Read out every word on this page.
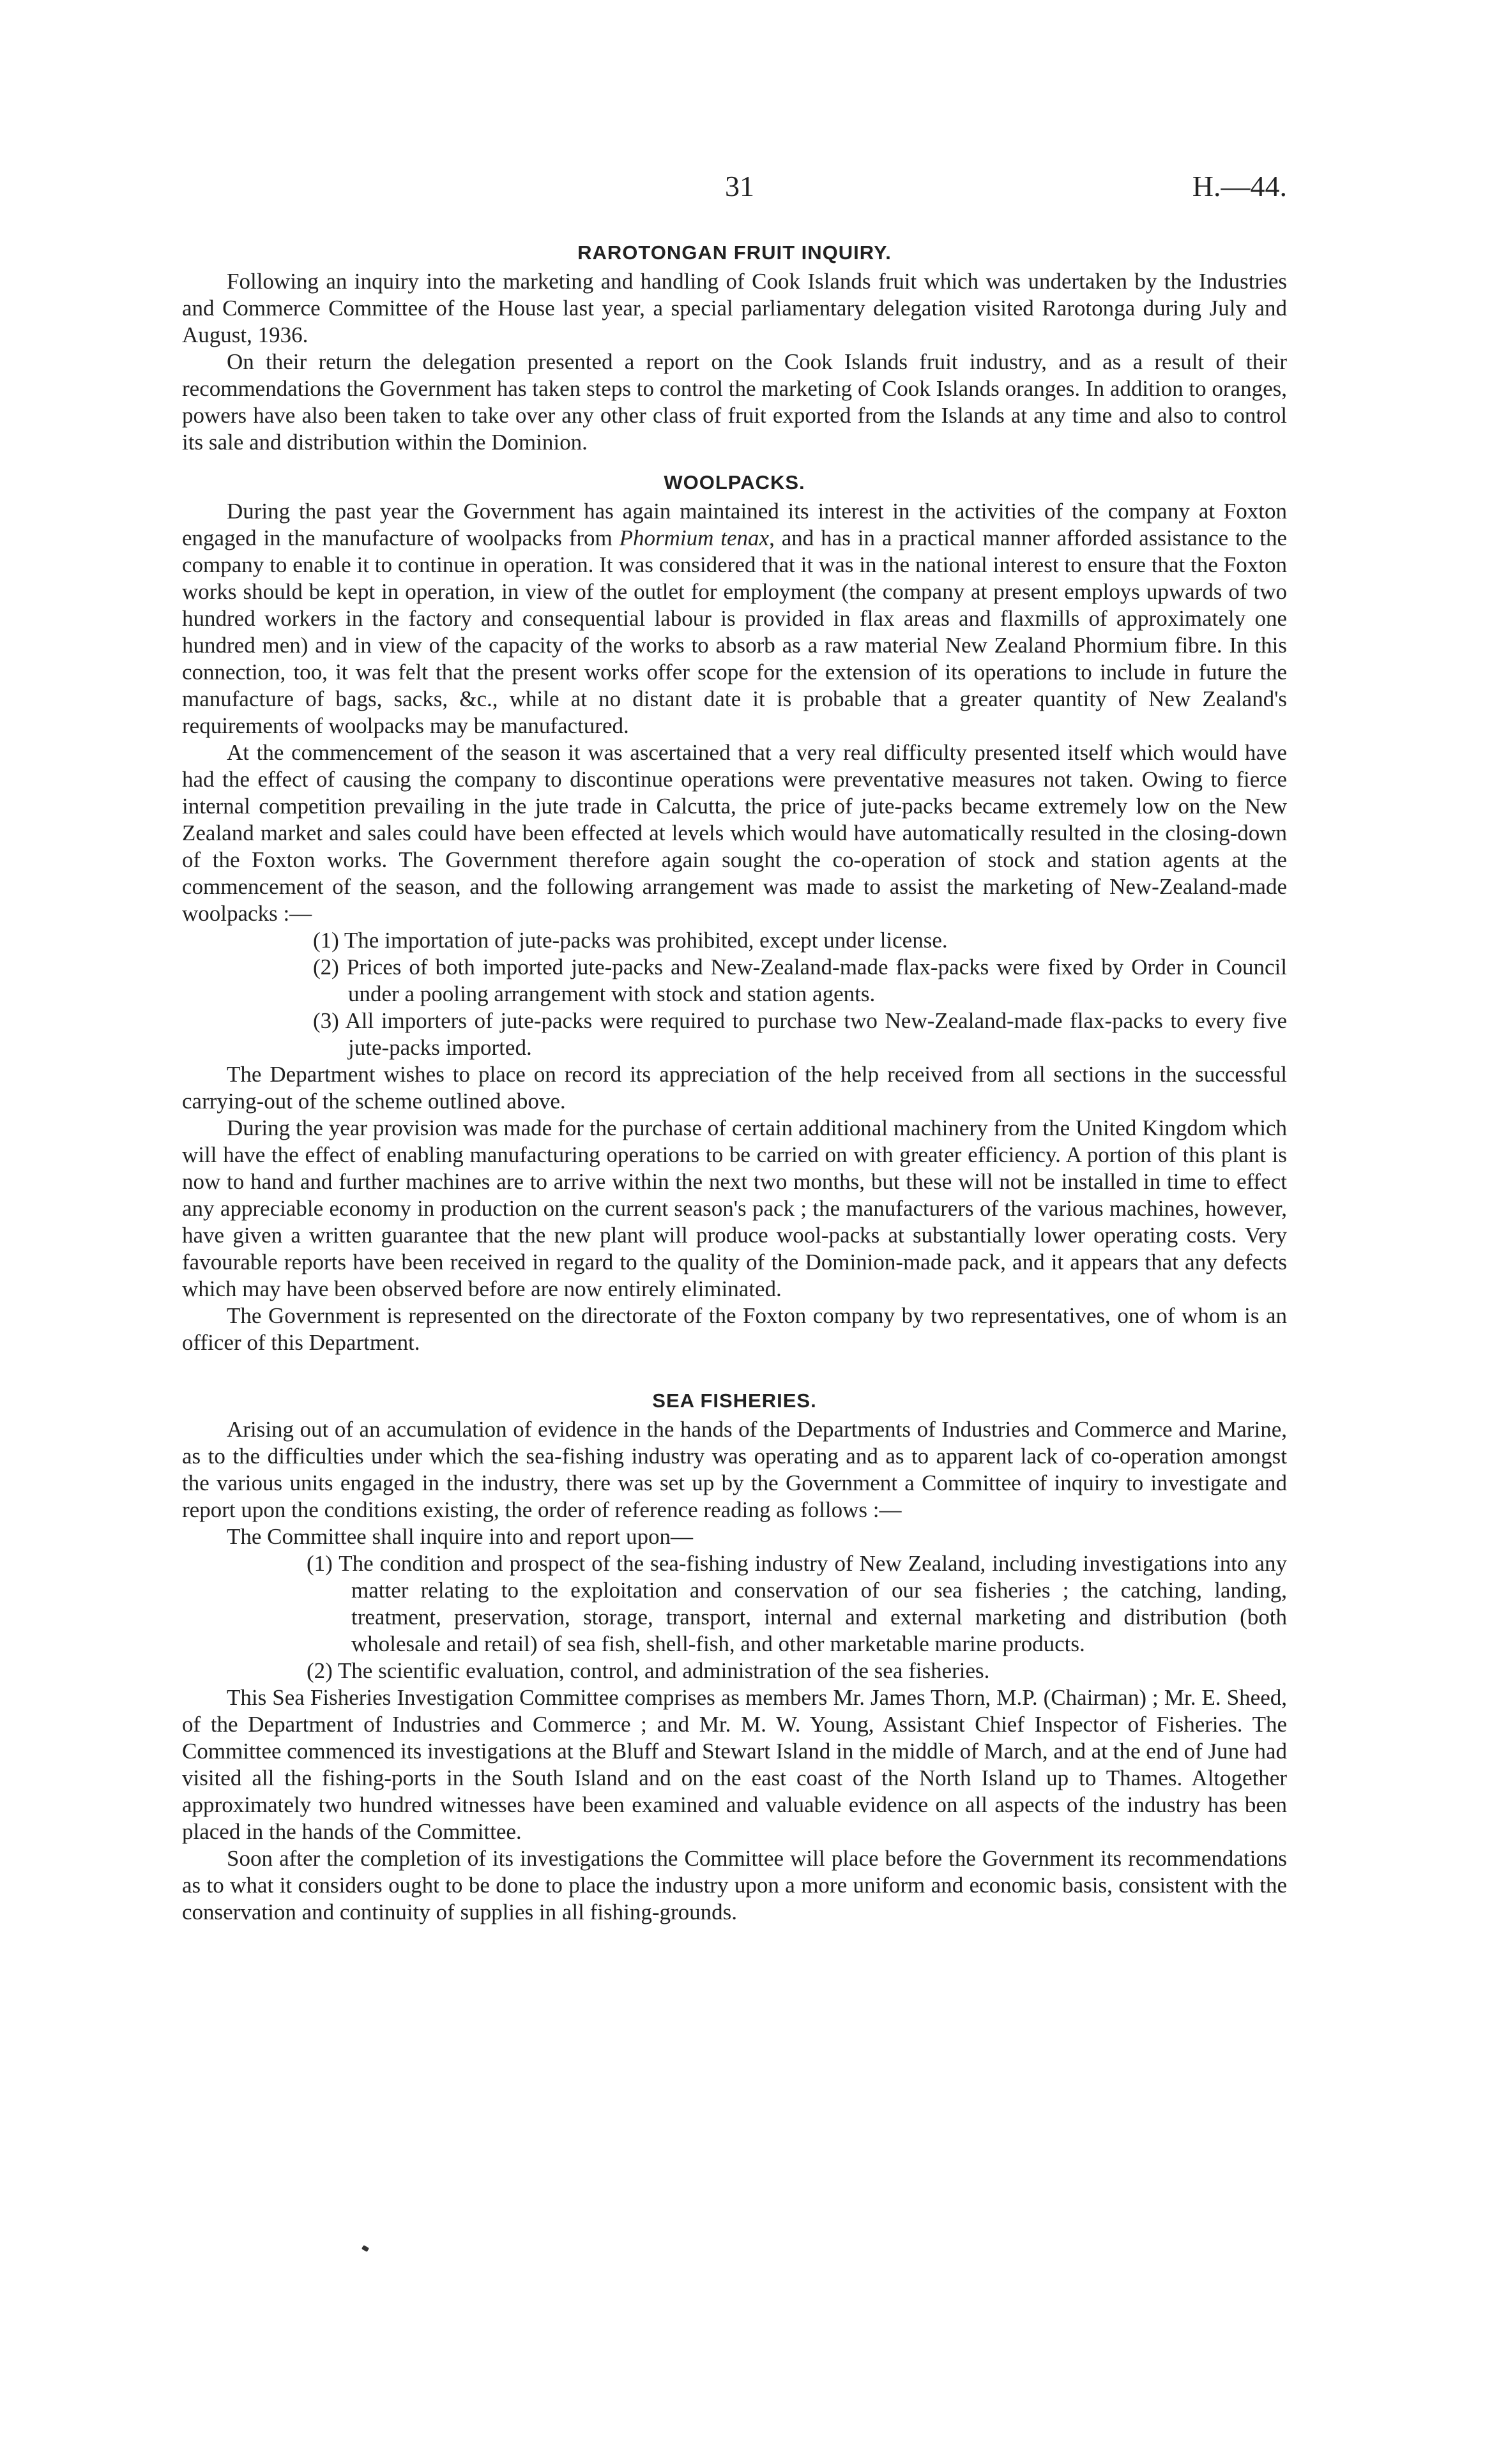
31	H.—44.
RAROTONGAN FRUIT INQUIRY.

Following an inquiry into the marketing and handling of Cook Islands fruit which was undertaken by the Industries and Commerce Committee of the House last year, a special parliamentary delegation visited Rarotonga during July and August, 1936.

On their return the delegation presented a report on the Cook Islands fruit industry, and as a result of their recommendations the Government has taken steps to control the marketing of Cook Islands oranges. In addition to oranges, powers have also been taken to take over any other class of fruit exported from the Islands at any time and also to control its sale and distribution within the Dominion.

WOOLPACKS.

During the past year the Government has again maintained its interest in the activities of the company at Foxton engaged in the manufacture of woolpacks from Phormium tenax, and has in a practical manner afforded assistance to the company to enable it to continue in operation. It was considered that it was in the national interest to ensure that the Foxton works should be kept in operation, in view of the outlet for employment (the company at present employs upwards of two hundred workers in the factory and consequential labour is provided in flax areas and flaxmills of approximately one hundred men) and in view of the capacity of the works to absorb as a raw material New Zealand Phormium fibre. In this connection, too, it was felt that the present works offer scope for the extension of its operations to include in future the manufacture of bags, sacks, &c., while at no distant date it is probable that a greater quantity of New Zealand's requirements of woolpacks may be manufactured.

At the commencement of the season it was ascertained that a very real difficulty presented itself which would have had the effect of causing the company to discontinue operations were preventative measures not taken. Owing to fierce internal competition prevailing in the jute trade in Calcutta, the price of jute-packs became extremely low on the New Zealand market and sales could have been effected at levels which would have automatically resulted in the closing-down of the Foxton works. The Government therefore again sought the co-operation of stock and station agents at the commencement of the season, and the following arrangement was made to assist the marketing of New-Zealand-made woolpacks :—

(1) The importation of jute-packs was prohibited, except under license.
(2) Prices of both imported jute-packs and New-Zealand-made flax-packs were fixed by Order in Council under a pooling arrangement with stock and station agents.
(3) All importers of jute-packs were required to purchase two New-Zealand-made flax-packs to every five jute-packs imported.

The Department wishes to place on record its appreciation of the help received from all sections in the successful carrying-out of the scheme outlined above.

During the year provision was made for the purchase of certain additional machinery from the United Kingdom which will have the effect of enabling manufacturing operations to be carried on with greater efficiency. A portion of this plant is now to hand and further machines are to arrive within the next two months, but these will not be installed in time to effect any appreciable economy in production on the current season's pack ; the manufacturers of the various machines, however, have given a written guarantee that the new plant will produce wool-packs at substantially lower operating costs. Very favourable reports have been received in regard to the quality of the Dominion-made pack, and it appears that any defects which may have been observed before are now entirely eliminated.

The Government is represented on the directorate of the Foxton company by two representatives, one of whom is an officer of this Department.

SEA FISHERIES.

Arising out of an accumulation of evidence in the hands of the Departments of Industries and Commerce and Marine, as to the difficulties under which the sea-fishing industry was operating and as to apparent lack of co-operation amongst the various units engaged in the industry, there was set up by the Government a Committee of inquiry to investigate and report upon the conditions existing, the order of reference reading as follows :—

The Committee shall inquire into and report upon—

(1) The condition and prospect of the sea-fishing industry of New Zealand, including investigations into any matter relating to the exploitation and conservation of our sea fisheries ; the catching, landing, treatment, preservation, storage, transport, internal and external marketing and distribution (both wholesale and retail) of sea fish, shell-fish, and other marketable marine products.
(2) The scientific evaluation, control, and administration of the sea fisheries.

This Sea Fisheries Investigation Committee comprises as members Mr. James Thorn, M.P. (Chairman) ; Mr. E. Sheed, of the Department of Industries and Commerce ; and Mr. M. W. Young, Assistant Chief Inspector of Fisheries. The Committee commenced its investigations at the Bluff and Stewart Island in the middle of March, and at the end of June had visited all the fishing-ports in the South Island and on the east coast of the North Island up to Thames. Altogether approximately two hundred witnesses have been examined and valuable evidence on all aspects of the industry has been placed in the hands of the Committee.

Soon after the completion of its investigations the Committee will place before the Government its recommendations as to what it considers ought to be done to place the industry upon a more uniform and economic basis, consistent with the conservation and continuity of supplies in all fishing-grounds.
